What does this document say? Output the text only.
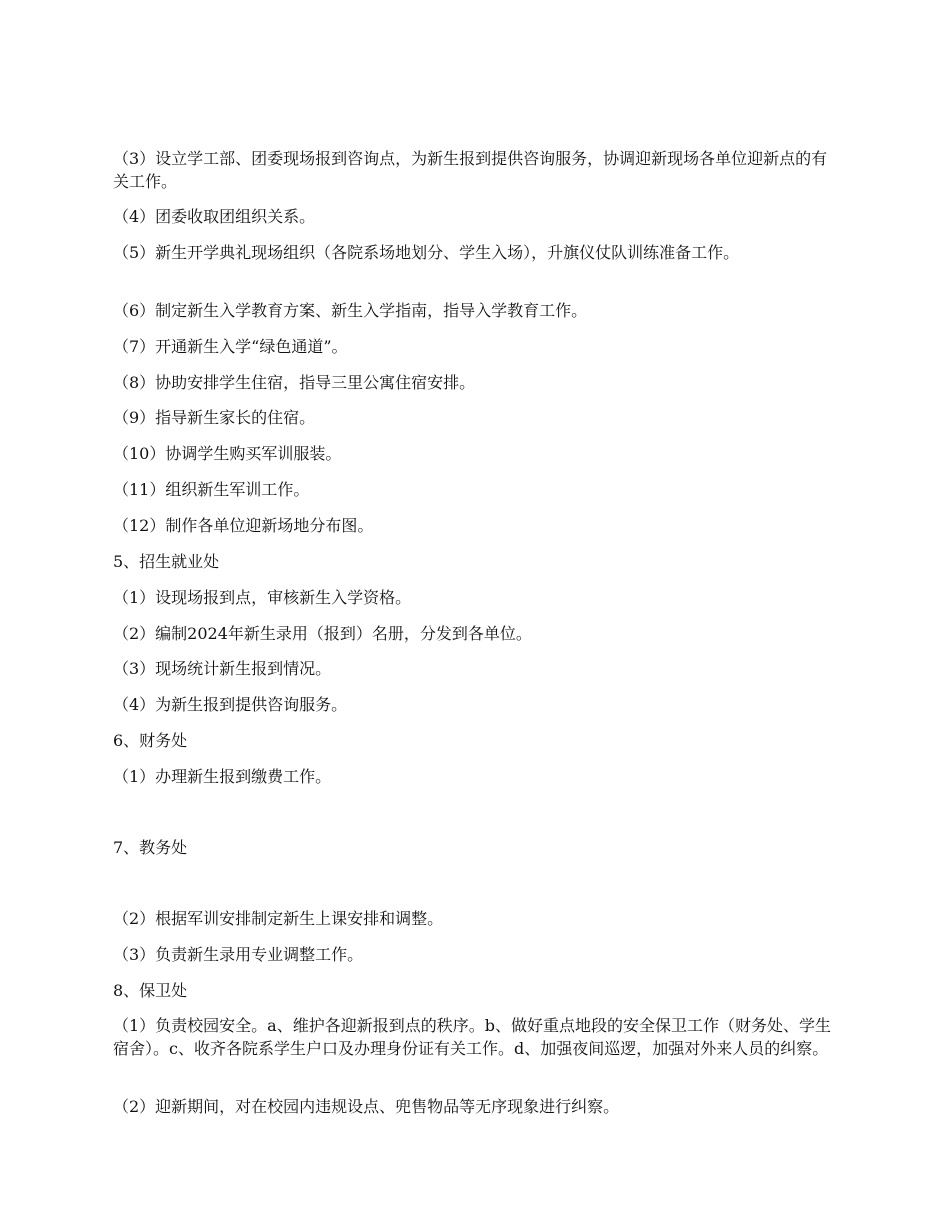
（3）设立学工部、团委现场报到咨询点，为新生报到提供咨询服务，协调迎新现场各单位迎新点的有关工作。
（4）团委收取团组织关系。
（5）新生开学典礼现场组织（各院系场地划分、学生入场），升旗仪仗队训练准备工作。
（6）制定新生入学教育方案、新生入学指南，指导入学教育工作。
（7）开通新生入学“绿色通道”。
（8）协助安排学生住宿，指导三里公寓住宿安排。
（9）指导新生家长的住宿。
（10）协调学生购买军训服装。
（11）组织新生军训工作。
（12）制作各单位迎新场地分布图。
5、招生就业处
（1）设现场报到点，审核新生入学资格。
（2）编制2024年新生录用（报到）名册，分发到各单位。
（3）现场统计新生报到情况。
（4）为新生报到提供咨询服务。
6、财务处
（1）办理新生报到缴费工作。
7、教务处
（2）根据军训安排制定新生上课安排和调整。
（3）负责新生录用专业调整工作。
8、保卫处
（1）负责校园安全。a、维护各迎新报到点的秩序。b、做好重点地段的安全保卫工作（财务处、学生宿舍）。c、收齐各院系学生户口及办理身份证有关工作。d、加强夜间巡逻，加强对外来人员的纠察。
（2）迎新期间，对在校园内违规设点、兜售物品等无序现象进行纠察。
